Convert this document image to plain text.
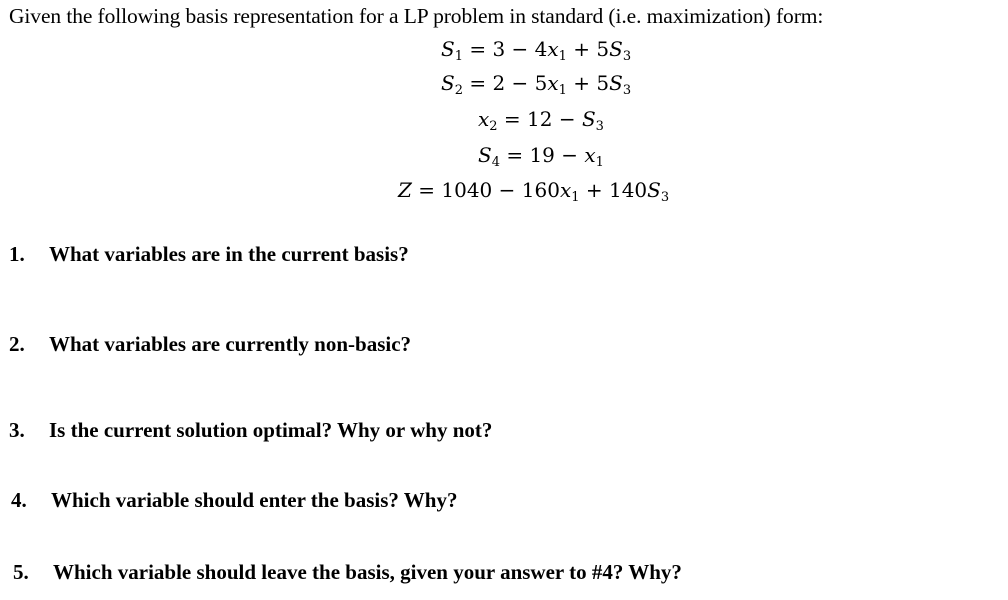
Given the following basis representation for a LP problem in standard (i.e. maximization) form:
$S_1 = 3 - 4x_1 + 5S_3$
$S_2 = 2 - 5x_1 + 5S_3$
$x_2 = 12 - S_3$
$S_4 = 19 - x_1$
$Z = 1040 - 160x_1 + 140S_3$
1. What variables are in the current basis?
2. What variables are currently non-basic?
3. Is the current solution optimal? Why or why not?
4. Which variable should enter the basis? Why?
5. Which variable should leave the basis, given your answer to #4? Why?
